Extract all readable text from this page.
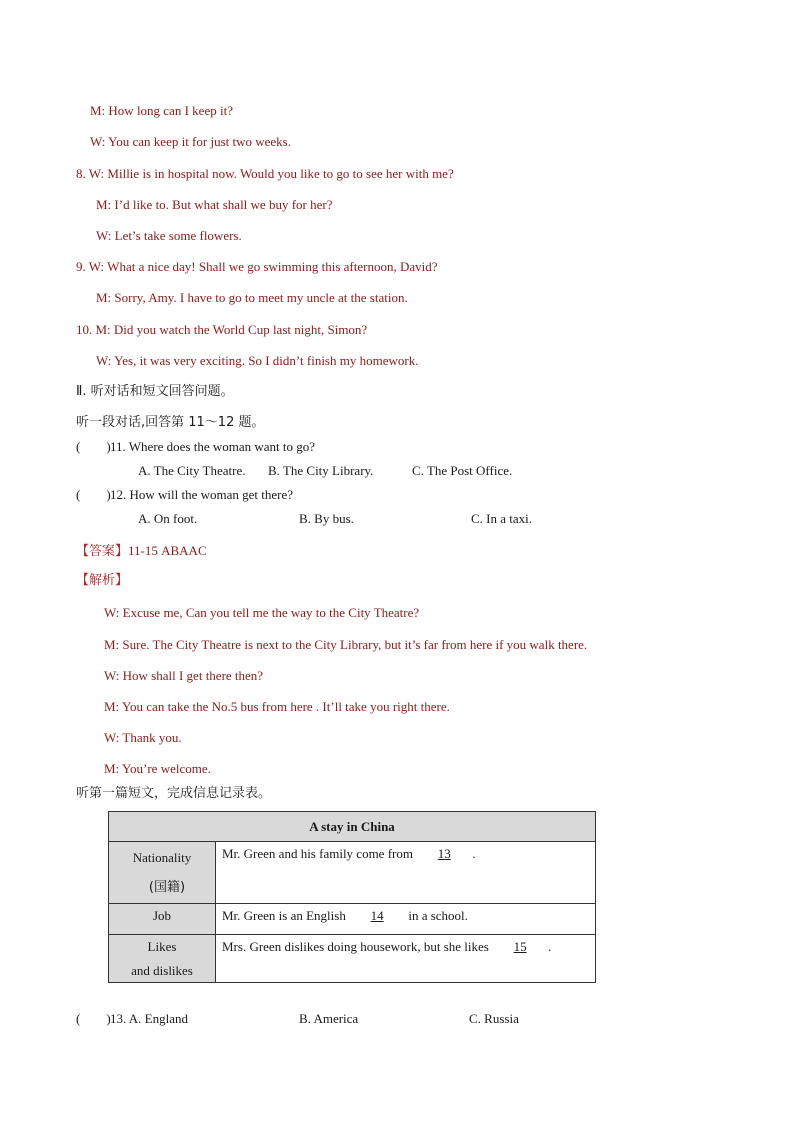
M: How long can I keep it?
W: You can keep it for just two weeks.
8. W: Millie is in hospital now. Would you like to go to see her with me?
M: I’d like to. But what shall we buy for her?
W: Let’s take some flowers.
9. W: What a nice day! Shall we go swimming this afternoon, David?
M: Sorry, Amy. I have to go to meet my uncle at the station.
10. M: Did you watch the World Cup last night, Simon?
W: Yes, it was very exciting. So I didn’t finish my homework.
Ⅱ. 听对话和短文回答问题。
听一段对话,回答第 11～12 题。
(　　)11. Where does the woman want to go?
A. The City Theatre. B. The City Library.	C. The Post Office.
(　　)12. How will the woman get there?
A. On foot.	B. By bus.	C. In a taxi.
【答案】11-15 ABAAC
【解析】
W: Excuse me, Can you tell me the way to the City Theatre?
M: Sure. The City Theatre is next to the City Library, but it’s far from here if you walk there.
W: How shall I get there then?
M: You can take the No.5 bus from here . It’ll take you right there.
W: Thank you.
M: You’re welcome.
听第一篇短文，完成信息记录表。
A stay in China	

Nationality
(国籍)	Mr. Green and his family come from 13 .

Job	Mr. Green is an English 14 in a school.

Likes
and dislikes	Mrs. Green dislikes doing housework, but she likes 15 .
(　　)13. A. England	B. America	C. Russia
